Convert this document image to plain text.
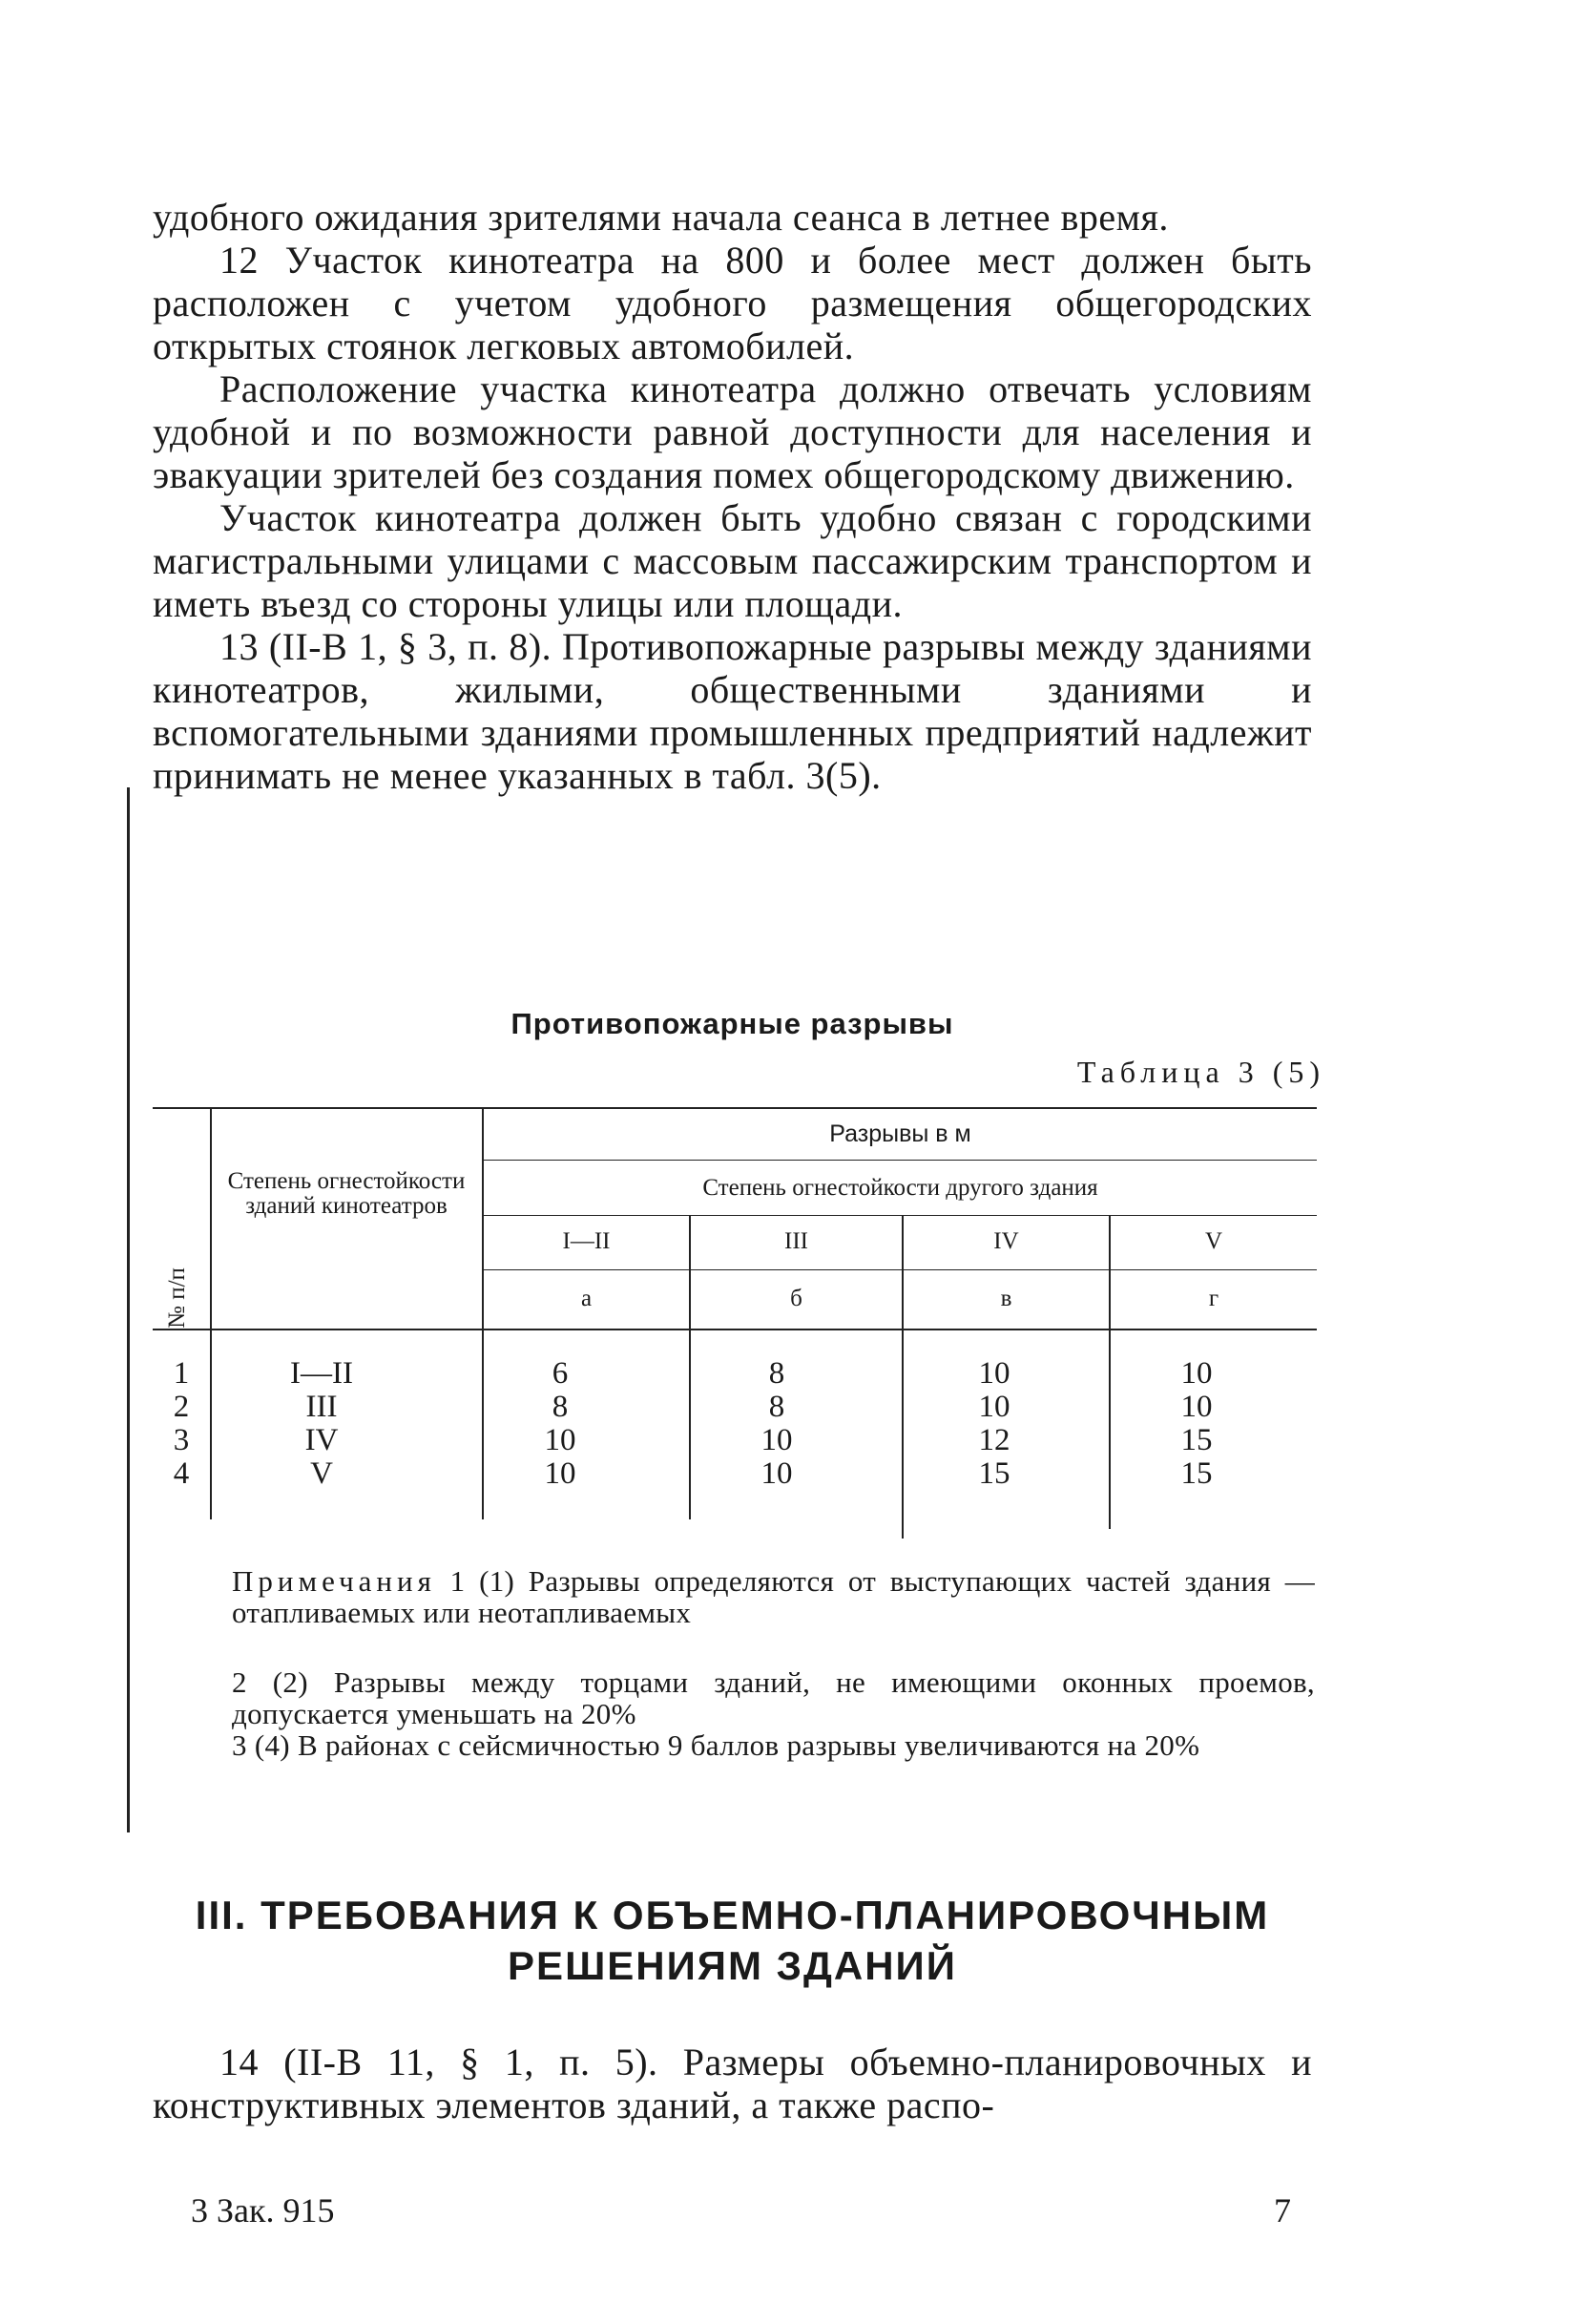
удобного ожидания зрителями начала сеанса в летнее время.

12 Участок кинотеатра на 800 и более мест должен быть расположен с учетом удобного размещения общегородских открытых стоянок легковых автомобилей.

Расположение участка кинотеатра должно отвечать условиям удобной и по возможности равной доступности для населения и эвакуации зрителей без создания помех общегородскому движению.

Участок кинотеатра должен быть удобно связан с городскими магистральными улицами с массовым пассажирским транспортом и иметь въезд со стороны улицы или площади.

13 (II-В 1, § 3, п. 8). Противопожарные разрывы между зданиями кинотеатров, жилыми, общественными зданиями и вспомогательными зданиями промышленных предприятий надлежит принимать не менее указанных в табл. 3(5).

Противопожарные разрывы
Таблица 3 (5)
№ п/п
Степень огнестойкости зданий кинотеатров
Разрывы в м
Степень огнестойкости другого здания
I—II	III	IV	V
а	б	в	г
1	I—II	6	8	10	10
2	III	8	8	10	10
3	IV	10	10	12	15
4	V	10	10	15	15

Примечания 1 (1) Разрывы определяются от выступающих частей здания — отапливаемых или неотапливаемых

2 (2) Разрывы между торцами зданий, не имеющими оконных проемов, допускается уменьшать на 20%

3 (4) В районах с сейсмичностью 9 баллов разрывы увеличиваются на 20%

III. ТРЕБОВАНИЯ К ОБЪЕМНО-ПЛАНИРОВОЧНЫМ
РЕШЕНИЯМ ЗДАНИЙ

14 (II-В 11, § 1, п. 5). Размеры объемно-планировочных и конструктивных элементов зданий, а также распо-

3 Зак. 915	7
